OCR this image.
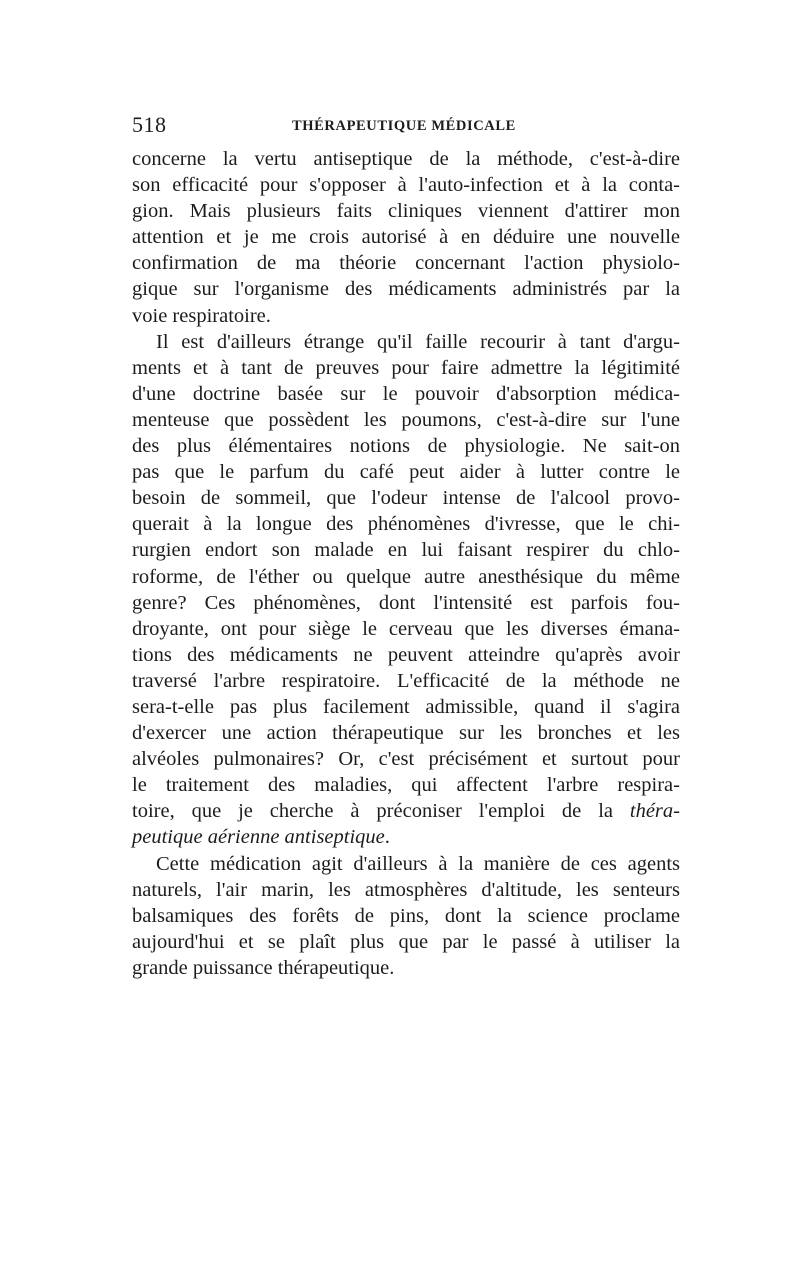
518	THÉRAPEUTIQUE MÉDICALE
concerne la vertu antiseptique de la méthode, c'est-à-dire
son efficacité pour s'opposer à l'auto-infection et à la conta-
gion. Mais plusieurs faits cliniques viennent d'attirer mon
attention et je me crois autorisé à en déduire une nouvelle
confirmation de ma théorie concernant l'action physiolo-
gique sur l'organisme des médicaments administrés par la
voie respiratoire.
Il est d'ailleurs étrange qu'il faille recourir à tant d'argu-
ments et à tant de preuves pour faire admettre la légitimité
d'une doctrine basée sur le pouvoir d'absorption médica-
menteuse que possèdent les poumons, c'est-à-dire sur l'une
des plus élémentaires notions de physiologie. Ne sait-on
pas que le parfum du café peut aider à lutter contre le
besoin de sommeil, que l'odeur intense de l'alcool provo-
querait à la longue des phénomènes d'ivresse, que le chi-
rurgien endort son malade en lui faisant respirer du chlo-
roforme, de l'éther ou quelque autre anesthésique du même
genre? Ces phénomènes, dont l'intensité est parfois fou-
droyante, ont pour siège le cerveau que les diverses émana-
tions des médicaments ne peuvent atteindre qu'après avoir
traversé l'arbre respiratoire. L'efficacité de la méthode ne
sera-t-elle pas plus facilement admissible, quand il s'agira
d'exercer une action thérapeutique sur les bronches et les
alvéoles pulmonaires? Or, c'est précisément et surtout pour
le traitement des maladies, qui affectent l'arbre respira-
toire, que je cherche à préconiser l'emploi de la théra-
peutique aérienne antiseptique.
Cette médication agit d'ailleurs à la manière de ces agents
naturels, l'air marin, les atmosphères d'altitude, les senteurs
balsamiques des forêts de pins, dont la science proclame
aujourd'hui et se plaît plus que par le passé à utiliser la
grande puissance thérapeutique.
